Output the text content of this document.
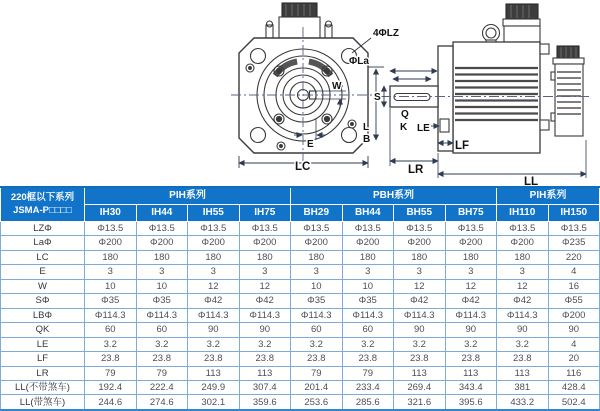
4ΦLZ
ΦLa
W
E
LC
S
Q
K
L
B
LE
LF
LR
LL
220框以下系列
JSMA-P□□□□	PIH系列				PBH系列				PIH系列	
	IH30	IH44	IH55	IH75	BH29	BH44	BH55	BH75	IH110	IH150
LZΦ	Φ13.5	Φ13.5	Φ13.5	Φ13.5	Φ13.5	Φ13.5	Φ13.5	Φ13.5	Φ13.5	Φ13.5
LaΦ	Φ200	Φ200	Φ200	Φ200	Φ200	Φ200	Φ200	Φ200	Φ200	Φ235
LC	180	180	180	180	180	180	180	180	180	220
E	3	3	3	3	3	3	3	3	3	4
W	10	10	12	12	10	10	12	12	12	16
SΦ	Φ35	Φ35	Φ42	Φ42	Φ35	Φ35	Φ42	Φ42	Φ42	Φ55
LBΦ	Φ114.3	Φ114.3	Φ114.3	Φ114.3	Φ114.3	Φ114.3	Φ114.3	Φ114.3	Φ114.3	Φ200
QK	60	60	90	90	60	60	90	90	90	90
LE	3.2	3.2	3.2	3.2	3.2	3.2	3.2	3.2	3.2	4
LF	23.8	23.8	23.8	23.8	23.8	23.8	23.8	23.8	23.8	20
LR	79	79	113	113	79	79	113	113	113	116
LL(不带煞车)	192.4	222.4	249.9	307.4	201.4	233.4	269.4	343.4	381	428.4
LL(带煞车)	244.6	274.6	302.1	359.6	253.6	285.6	321.6	395.6	433.2	502.4
